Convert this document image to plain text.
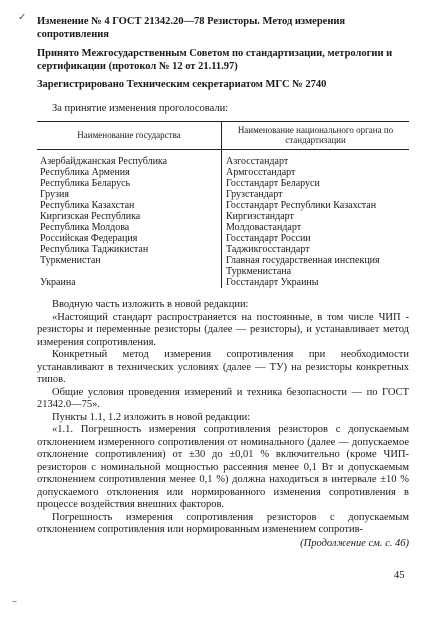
✓ Изменение № 4 ГОСТ 21342.20—78 Резисторы. Метод измерения сопротивления
Принято Межгосударственным Советом по стандартизации, метрологии и сертификации (протокол № 12 от 21.11.97)
Зарегистрировано Техническим секретариатом МГС № 2740
За принятие изменения проголосовали:
Наименование государства	Наименование национального органа по стандартизации
Азербайджанская Республика	Азгосстандарт
Республика Армения	Армгосстандарт
Республика Беларусь	Госстандарт Беларуси
Грузия	Грузстандарт
Республика Казахстан	Госстандарт Республики Казахстан
Киргизская Республика	Киргизстандарт
Республика Молдова	Молдовастандарт
Российская Федерация	Госстандарт России
Республика Таджикистан	Таджикгосстандарт
Туркменистан	Главная государственная инспекция Туркменистана
Украина	Госстандарт Украины

Вводную часть изложить в новой редакции:

«Настоящий стандарт распространяется на постоянные, в том числе ЧИП - резисторы и переменные резисторы (далее — резисторы), и устанавливает метод измерения сопротивления.

Конкретный метод измерения сопротивления при необходимости устанавливают в технических условиях (далее — ТУ) на резисторы конкретных типов.

Общие условия проведения измерений и техника безопасности — по ГОСТ 21342.0—75».

Пункты 1.1, 1.2 изложить в новой редакции:

«1.1. Погрешность измерения сопротивления резисторов с допускаемым отклонением измеренного сопротивления от номинального (далее — допускаемое отклонение сопротивления) от ±30 до ±0,01 % включительно (кроме ЧИП-резисторов с номинальной мощностью рассеяния менее 0,1 Вт и допускаемым отклонением сопротивления менее 0,1 %) должна находиться в интервале ±10 % допускаемого отклонения или нормированного изменения сопротивления в процессе воздействия внешних факторов.

Погрешность измерения сопротивления резисторов с допускаемым отклонением сопротивления или нормированным изменением сопротив-

(Продолжение см. с. 46)
45
–
